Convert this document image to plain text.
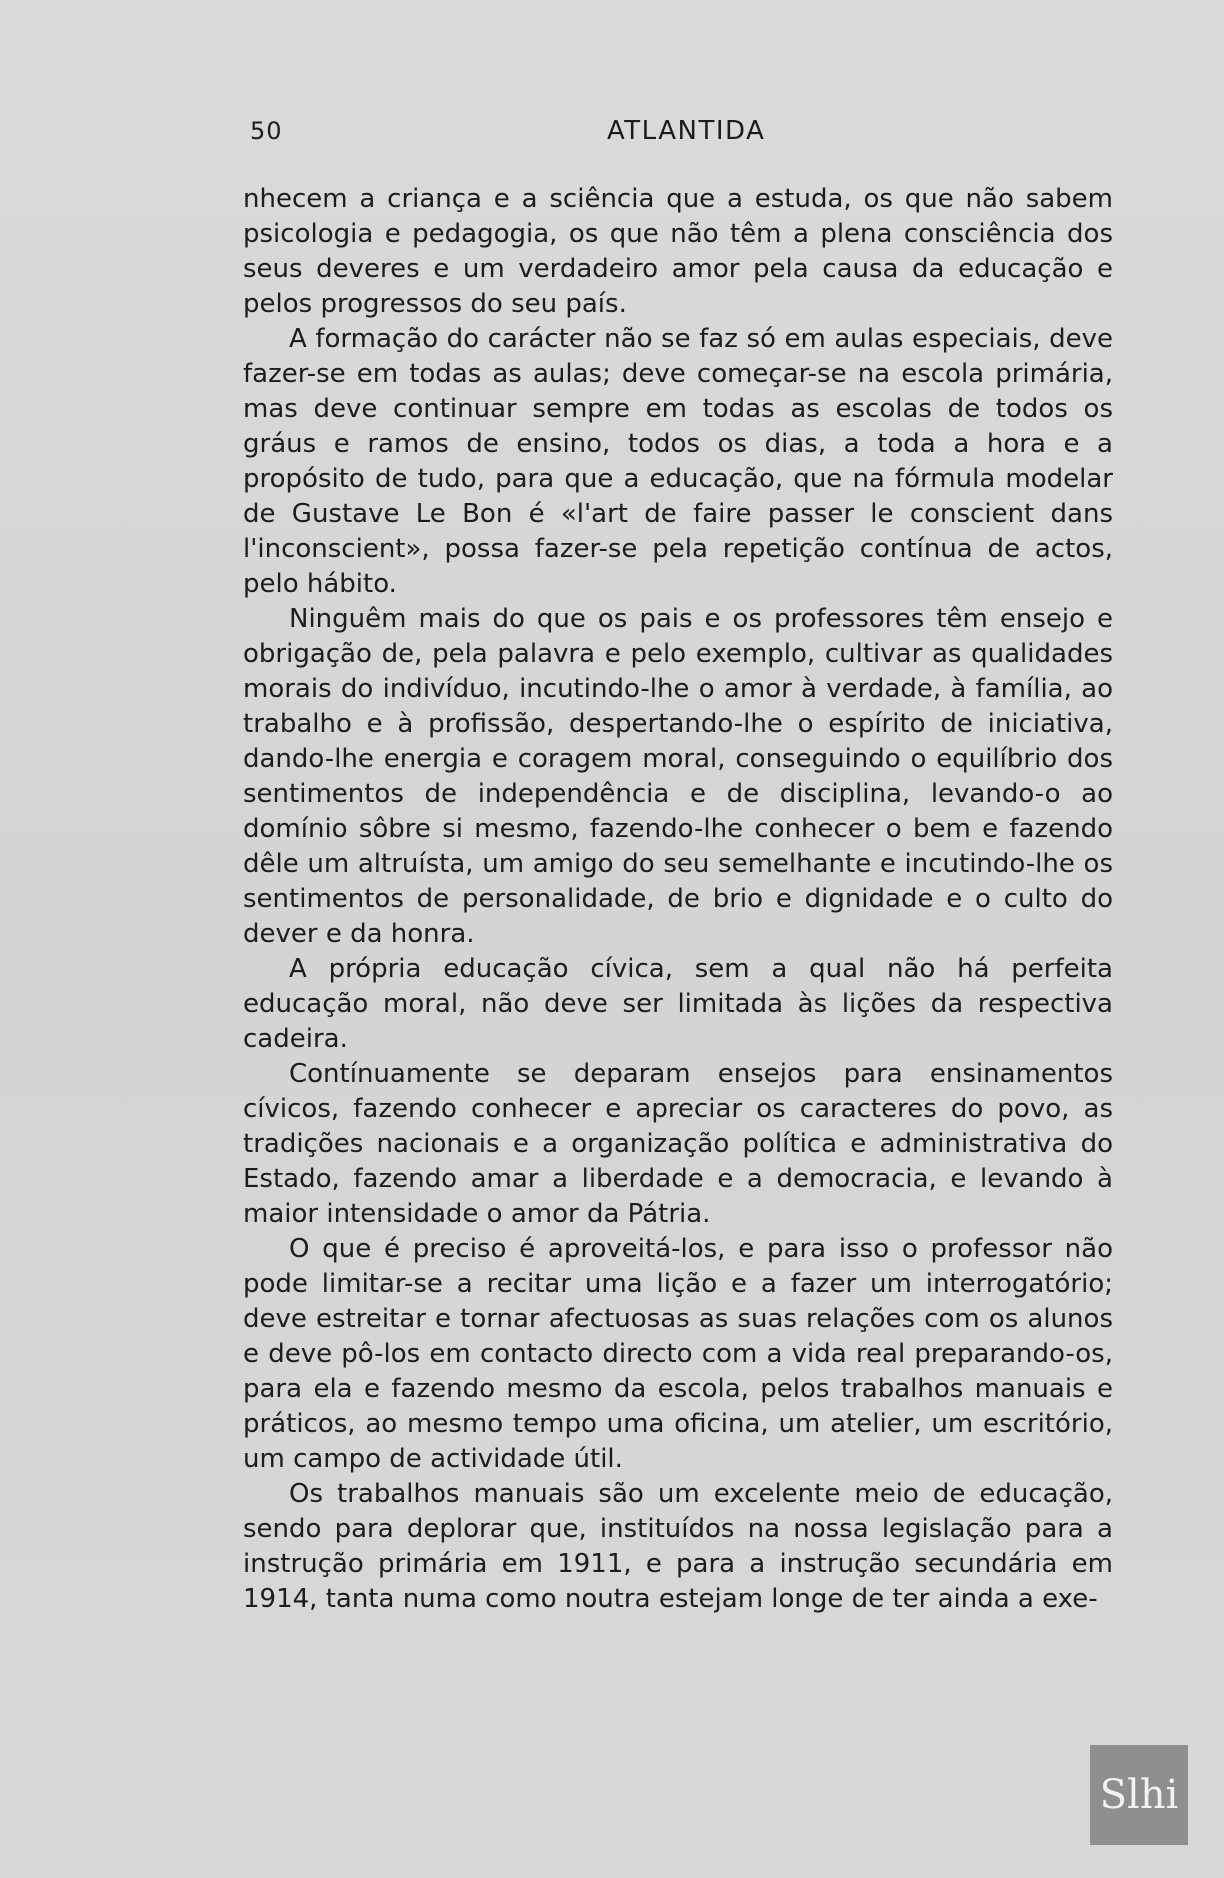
50	ATLANTIDA

nhecem a criança e a sciência que a estuda, os que não sabem psicologia e pedagogia, os que não têm a plena consciência dos seus deveres e um verdadeiro amor pela causa da educação e pelos progressos do seu país.

A formação do carácter não se faz só em aulas especiais, deve fazer-se em todas as aulas; deve começar-se na escola primária, mas deve continuar sempre em todas as escolas de todos os gráus e ramos de ensino, todos os dias, a toda a hora e a propósito de tudo, para que a educação, que na fórmula modelar de Gustave Le Bon é «l'art de faire passer le conscient dans l'inconscient», possa fazer-se pela repetição contínua de actos, pelo hábito.

Ninguêm mais do que os pais e os professores têm ensejo e obrigação de, pela palavra e pelo exemplo, cultivar as qualidades morais do indivíduo, incutindo-lhe o amor à verdade, à família, ao trabalho e à profissão, despertando-lhe o espírito de iniciativa, dando-lhe energia e coragem moral, conseguindo o equilíbrio dos sentimentos de independência e de disciplina, levando-o ao domínio sôbre si mesmo, fazendo-lhe conhecer o bem e fazendo dêle um altruísta, um amigo do seu semelhante e incutindo-lhe os sentimentos de personalidade, de brio e dignidade e o culto do dever e da honra.

A própria educação cívica, sem a qual não há perfeita educação moral, não deve ser limitada às lições da respectiva cadeira.

Contínuamente se deparam ensejos para ensinamentos cívicos, fazendo conhecer e apreciar os caracteres do povo, as tradições nacionais e a organização política e administrativa do Estado, fazendo amar a liberdade e a democracia, e levando à maior intensidade o amor da Pátria.

O que é preciso é aproveitá-los, e para isso o professor não pode limitar-se a recitar uma lição e a fazer um interrogatório; deve estreitar e tornar afectuosas as suas relações com os alunos e deve pô-los em contacto directo com a vida real preparando-os, para ela e fazendo mesmo da escola, pelos trabalhos manuais e práticos, ao mesmo tempo uma oficina, um atelier, um escritório, um campo de actividade útil.

Os trabalhos manuais são um excelente meio de educação, sendo para deplorar que, instituídos na nossa legislação para a instrução primária em 1911, e para a instrução secundária em 1914, tanta numa como noutra estejam longe de ter ainda a exe-

Slhi
